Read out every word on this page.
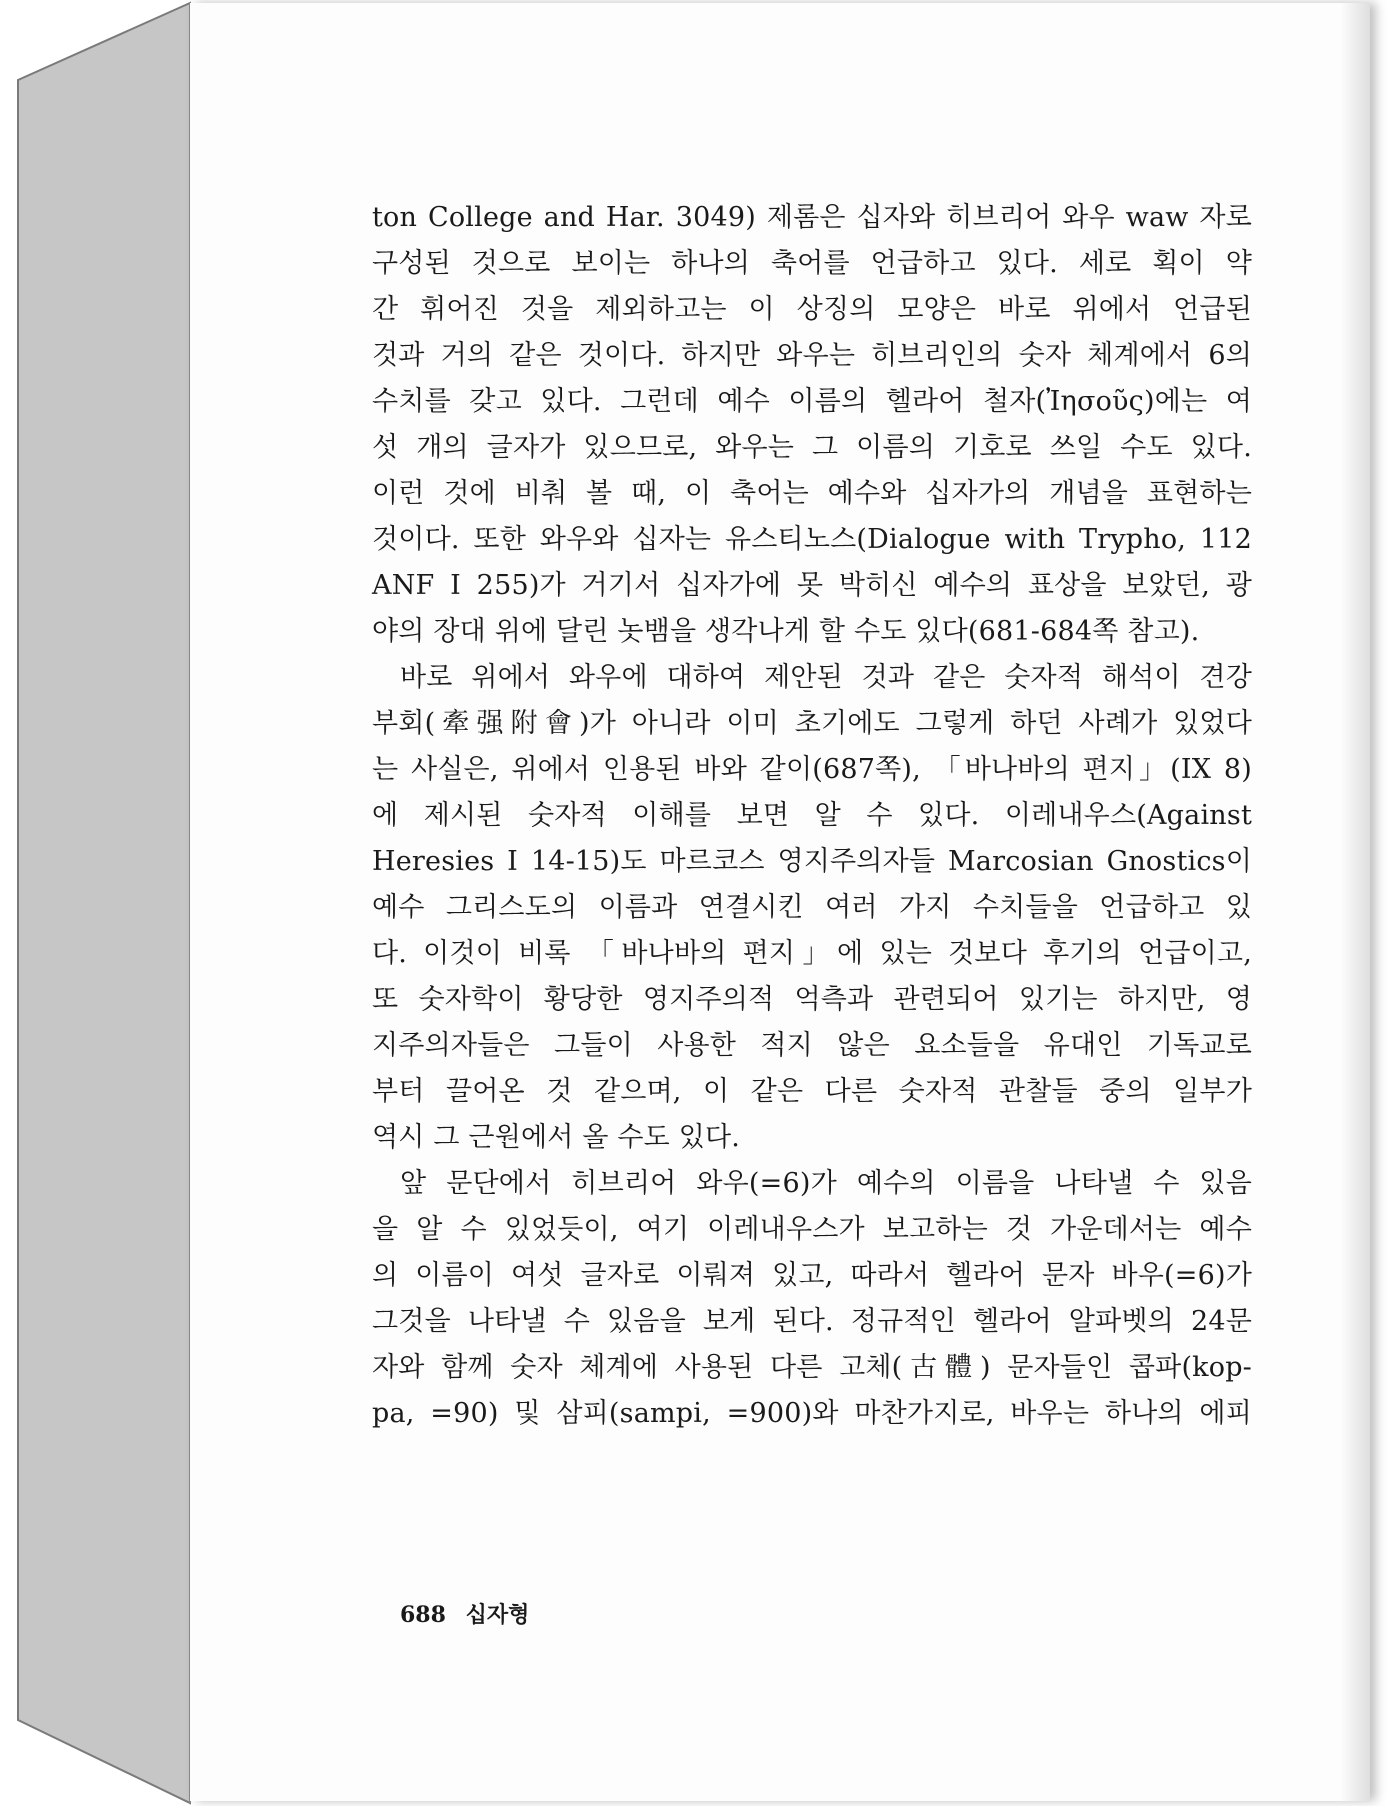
ton College and Har. 3049) 제롬은 십자와 히브리어 와우 waw 자로
구성된 것으로 보이는 하나의 축어를 언급하고 있다. 세로 획이 약
간 휘어진 것을 제외하고는 이 상징의 모양은 바로 위에서 언급된
것과 거의 같은 것이다. 하지만 와우는 히브리인의 숫자 체계에서 6의
수치를 갖고 있다. 그런데 예수 이름의 헬라어 철자(Ἰησοῦς)에는 여
섯 개의 글자가 있으므로, 와우는 그 이름의 기호로 쓰일 수도 있다.
이런 것에 비춰 볼 때, 이 축어는 예수와 십자가의 개념을 표현하는
것이다. 또한 와우와 십자는 유스티노스(Dialogue with Trypho, 112
ANF I 255)가 거기서 십자가에 못 박히신 예수의 표상을 보았던, 광
야의 장대 위에 달린 놋뱀을 생각나게 할 수도 있다(681-684쪽 참고).
바로 위에서 와우에 대하여 제안된 것과 같은 숫자적 해석이 견강
부회(牽强附會)가 아니라 이미 초기에도 그렇게 하던 사례가 있었다
는 사실은, 위에서 인용된 바와 같이(687쪽), 「바나바의 편지」(IX 8)
에 제시된 숫자적 이해를 보면 알 수 있다. 이레내우스(Against
Heresies I 14-15)도 마르코스 영지주의자들 Marcosian Gnostics이
예수 그리스도의 이름과 연결시킨 여러 가지 수치들을 언급하고 있
다. 이것이 비록 「바나바의 편지」에 있는 것보다 후기의 언급이고,
또 숫자학이 황당한 영지주의적 억측과 관련되어 있기는 하지만, 영
지주의자들은 그들이 사용한 적지 않은 요소들을 유대인 기독교로
부터 끌어온 것 같으며, 이 같은 다른 숫자적 관찰들 중의 일부가
역시 그 근원에서 올 수도 있다.
앞 문단에서 히브리어 와우(=6)가 예수의 이름을 나타낼 수 있음
을 알 수 있었듯이, 여기 이레내우스가 보고하는 것 가운데서는 예수
의 이름이 여섯 글자로 이뤄져 있고, 따라서 헬라어 문자 바우(=6)가
그것을 나타낼 수 있음을 보게 된다. 정규적인 헬라어 알파벳의 24문
자와 함께 숫자 체계에 사용된 다른 고체(古體) 문자들인 콥파(kop-
pa, =90) 및 삼피(sampi, =900)와 마찬가지로, 바우는 하나의 에피
688 십자형
